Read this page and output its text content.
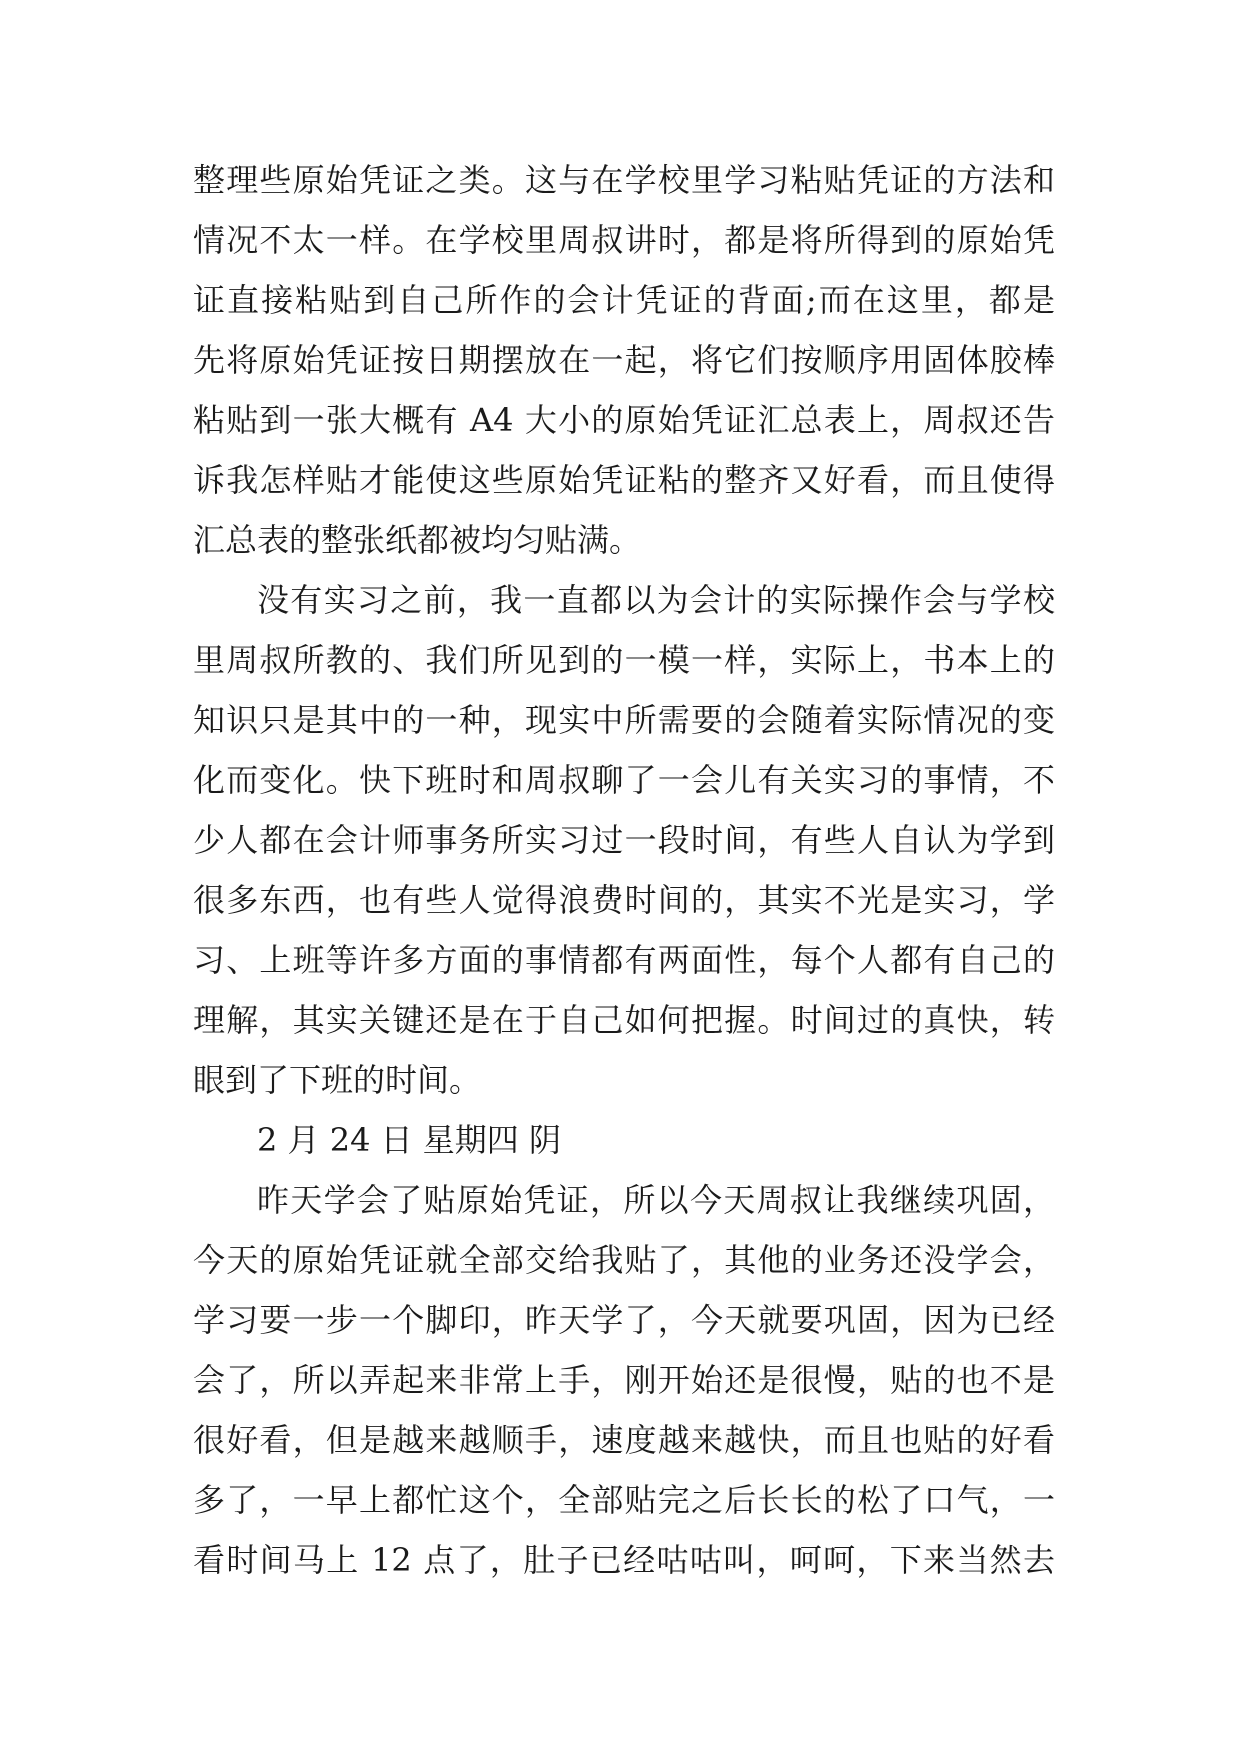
整理些原始凭证之类。这与在学校里学习粘贴凭证的方法和
情况不太一样。在学校里周叔讲时，都是将所得到的原始凭
证直接粘贴到自己所作的会计凭证的背面;而在这里，都是
先将原始凭证按日期摆放在一起，将它们按顺序用固体胶棒
粘贴到一张大概有 A4 大小的原始凭证汇总表上，周叔还告
诉我怎样贴才能使这些原始凭证粘的整齐又好看，而且使得
汇总表的整张纸都被均匀贴满。
没有实习之前，我一直都以为会计的实际操作会与学校
里周叔所教的、我们所见到的一模一样，实际上，书本上的
知识只是其中的一种，现实中所需要的会随着实际情况的变
化而变化。快下班时和周叔聊了一会儿有关实习的事情，不
少人都在会计师事务所实习过一段时间，有些人自认为学到
很多东西，也有些人觉得浪费时间的，其实不光是实习，学
习、上班等许多方面的事情都有两面性，每个人都有自己的
理解，其实关键还是在于自己如何把握。时间过的真快，转
眼到了下班的时间。
2 月 24 日 星期四 阴
昨天学会了贴原始凭证，所以今天周叔让我继续巩固，
今天的原始凭证就全部交给我贴了，其他的业务还没学会，
学习要一步一个脚印，昨天学了，今天就要巩固，因为已经
会了，所以弄起来非常上手，刚开始还是很慢，贴的也不是
很好看，但是越来越顺手，速度越来越快，而且也贴的好看
多了，一早上都忙这个，全部贴完之后长长的松了口气，一
看时间马上 12 点了，肚子已经咕咕叫，呵呵，下来当然去
